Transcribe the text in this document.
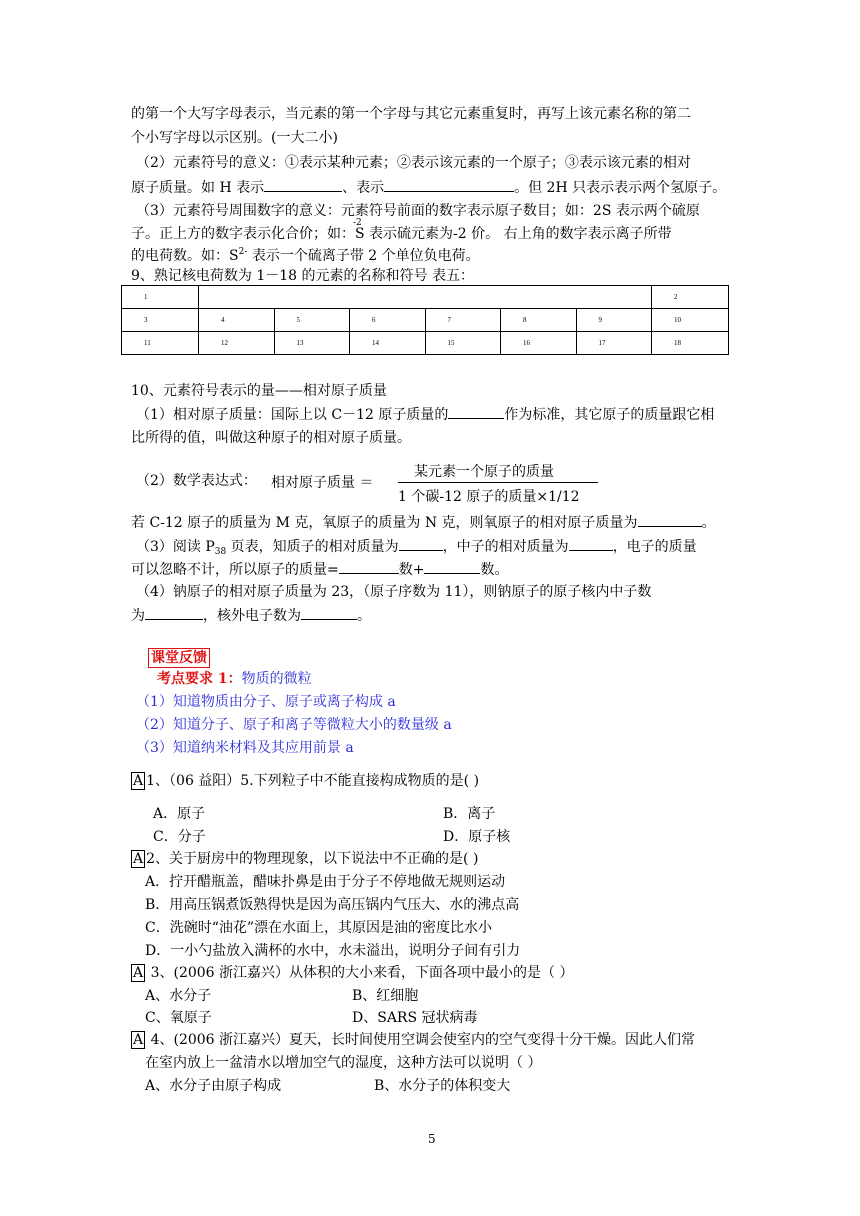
的第一个大写字母表示，当元素的第一个字母与其它元素重复时，再写上该元素名称的第二
个小写字母以示区别。(一大二小)
（2）元素符号的意义：①表示某种元素；②表示该元素的一个原子；③表示该元素的相对
原子质量。如 H 表示	、表示	。但 2H 只表示表示两个氢原子。
（3）元素符号周围数字的意义：元素符号前面的数字表示原子数目；如：2S 表示两个硫原
子。正上方的数字表示化合价；如：
-2
S 表示硫元素为-2 价。 右上角的数字表示离子所带
的电荷数。如：$S^{2-}$ 表示一个硫离子带 2 个单位负电荷。
9、熟记核电荷数为 1－18 的元素的名称和符号 表五：
1							2
3	4	5	6	7	8	9	10
11	12	13	14	15	16	17	18
10、元素符号表示的量——相对原子质量
（1）相对原子质量：国际上以 C－12 原子质量的	作为标准，其它原子的质量跟它相
比所得的值，叫做这种原子的相对原子质量。
（2）数学表达式： 相对原子质量 ＝
某元素一个原子的质量
1 个碳-12 原子的质量×1/12
若 C-12 原子的质量为 M 克，氧原子的质量为 N 克，则氧原子的相对原子质量为	。
（3）阅读 $P_{38}$ 页表，知质子的相对质量为	，中子的相对质量为	，电子的质量
可以忽略不计，所以原子的质量=	数+	数。
（4）钠原子的相对原子质量为 23，（原子序数为 11），则钠原子的原子核内中子数
为	，核外电子数为	。
课堂反馈
考点要求 1：物质的微粒
（1）知道物质由分子、原子或离子构成 a
（2）知道分子、原子和离子等微粒大小的数量级 a
（3）知道纳米材料及其应用前景 a
A 1、（06 益阳）5.下列粒子中不能直接构成物质的是( )
A．原子	B．离子
C．分子	D．原子核
A 2、关于厨房中的物理现象，以下说法中不正确的是( )
A．拧开醋瓶盖，醋味扑鼻是由于分子不停地做无规则运动
B．用高压锅煮饭熟得快是因为高压锅内气压大、水的沸点高
C．洗碗时“油花”漂在水面上，其原因是油的密度比水小
D．一小勺盐放入满杯的水中，水未溢出，说明分子间有引力
A 3、(2006 浙江嘉兴）从体积的大小来看，下面各项中最小的是（ ）
A、水分子	B、红细胞
C、氧原子	D、SARS 冠状病毒
A 4、(2006 浙江嘉兴）夏天，长时间使用空调会使室内的空气变得十分干燥。因此人们常
在室内放上一盆清水以增加空气的湿度，这种方法可以说明（ ）
A、水分子由原子构成	B、水分子的体积变大
5
